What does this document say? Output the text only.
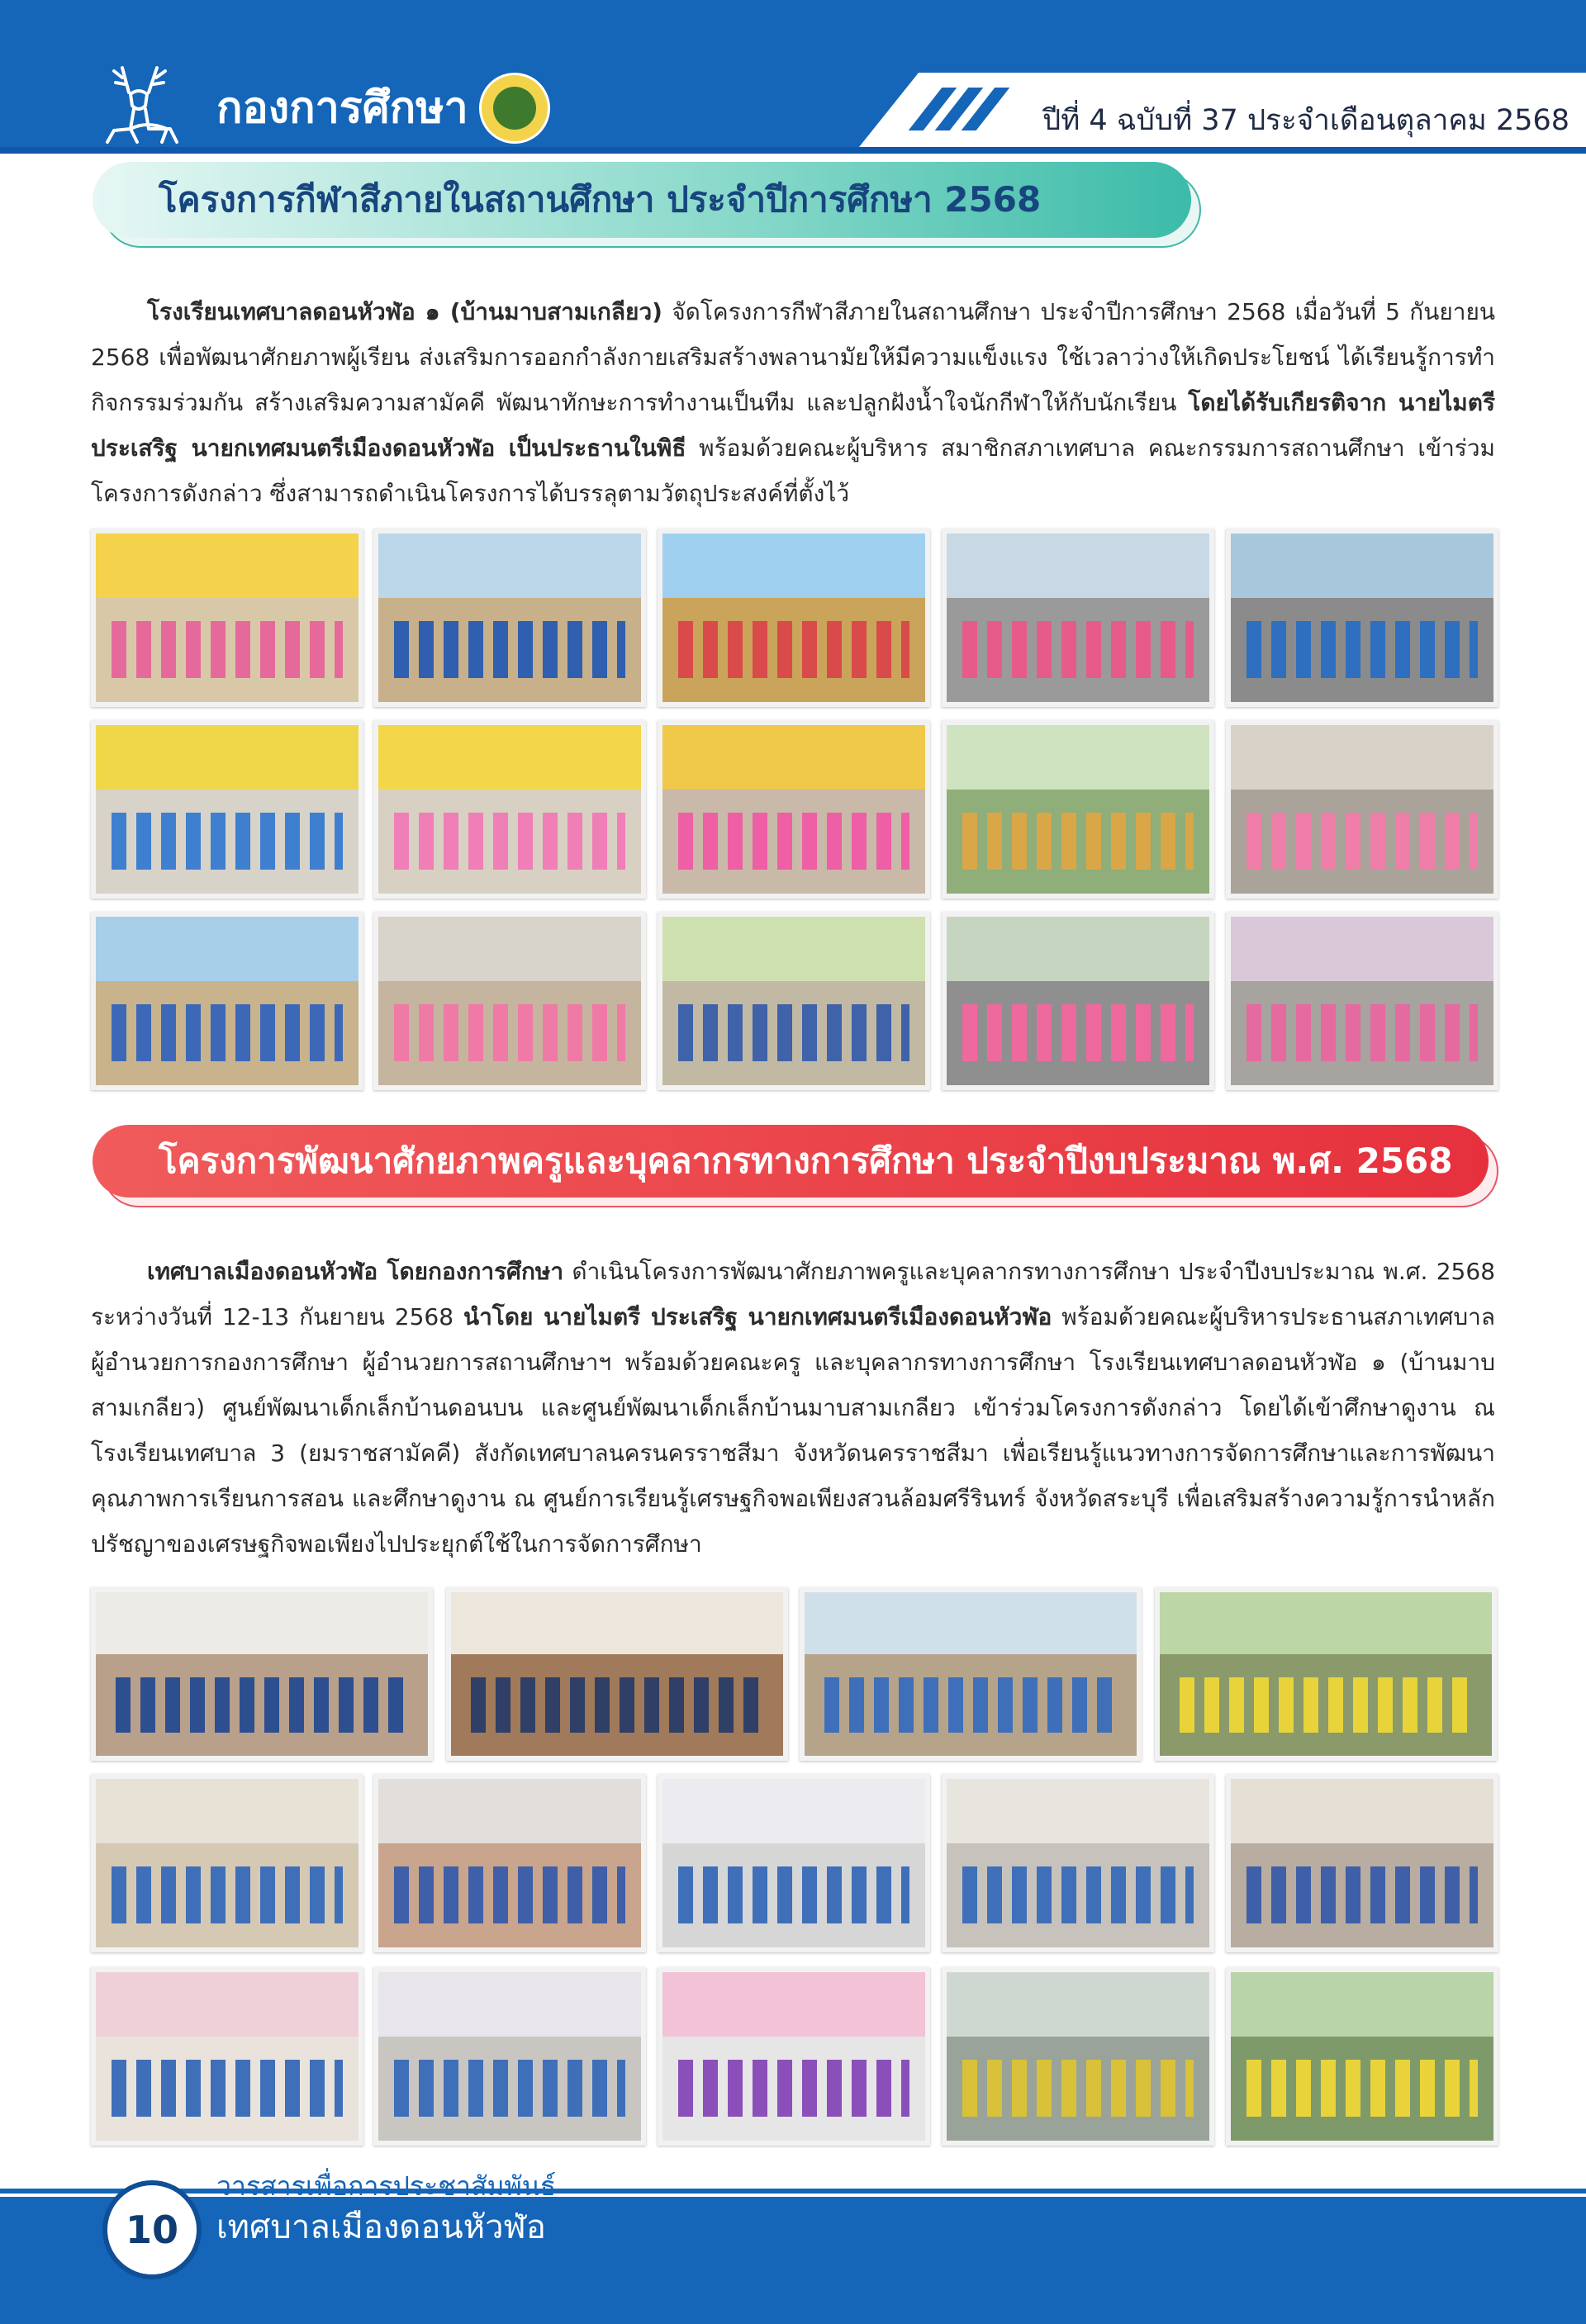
กองการศึกษา	ปีที่ 4 ฉบับที่ 37 ประจำเดือนตุลาคม 2568
โครงการกีฬาสีภายในสถานศึกษา ประจำปีการศึกษา 2568
โรงเรียนเทศบาลดอนหัวฬ่อ ๑ (บ้านมาบสามเกลียว) จัดโครงการกีฬาสีภายในสถานศึกษา ประจำปีการศึกษา 2568 เมื่อวันที่ 5 กันยายน 2568 เพื่อพัฒนาศักยภาพผู้เรียน ส่งเสริมการออกกำลังกายเสริมสร้างพลานามัยให้มีความแข็งแรง ใช้เวลาว่างให้เกิดประโยชน์ ได้เรียนรู้การทำกิจกรรมร่วมกัน สร้างเสริมความสามัคคี พัฒนาทักษะการทำงานเป็นทีม และปลูกฝังน้ำใจนักกีฬาให้กับนักเรียน โดยได้รับเกียรติจาก นายไมตรี ประเสริฐ นายกเทศมนตรีเมืองดอนหัวฬ่อ เป็นประธานในพิธี พร้อมด้วยคณะผู้บริหาร สมาชิกสภาเทศบาล คณะกรรมการสถานศึกษา เข้าร่วมโครงการดังกล่าว ซึ่งสามารถดำเนินโครงการได้บรรลุตามวัตถุประสงค์ที่ตั้งไว้
โครงการพัฒนาศักยภาพครูและบุคลากรทางการศึกษา ประจำปีงบประมาณ พ.ศ. 2568
เทศบาลเมืองดอนหัวฬ่อ โดยกองการศึกษา ดำเนินโครงการพัฒนาศักยภาพครูและบุคลากรทางการศึกษา ประจำปีงบประมาณ พ.ศ. 2568 ระหว่างวันที่ 12-13 กันยายน 2568 นำโดย นายไมตรี ประเสริฐ นายกเทศมนตรีเมืองดอนหัวฬ่อ พร้อมด้วยคณะผู้บริหารประธานสภาเทศบาล ผู้อำนวยการกองการศึกษา ผู้อำนวยการสถานศึกษาฯ พร้อมด้วยคณะครู และบุคลากรทางการศึกษา โรงเรียนเทศบาลดอนหัวฬ่อ ๑ (บ้านมาบสามเกลียว) ศูนย์พัฒนาเด็กเล็กบ้านดอนบน และศูนย์พัฒนาเด็กเล็กบ้านมาบสามเกลียว เข้าร่วมโครงการดังกล่าว โดยได้เข้าศึกษาดูงาน ณ โรงเรียนเทศบาล 3 (ยมราชสามัคคี) สังกัดเทศบาลนครนครราชสีมา จังหวัดนครราชสีมา เพื่อเรียนรู้แนวทางการจัดการศึกษาและการพัฒนาคุณภาพการเรียนการสอน และศึกษาดูงาน ณ ศูนย์การเรียนรู้เศรษฐกิจพอเพียงสวนล้อมศรีรินทร์ จังหวัดสระบุรี เพื่อเสริมสร้างความรู้การนำหลักปรัชญาของเศรษฐกิจพอเพียงไปประยุกต์ใช้ในการจัดการศึกษา
10
วารสารเพื่อการประชาสัมพันธ์
เทศบาลเมืองดอนหัวฬ่อ
